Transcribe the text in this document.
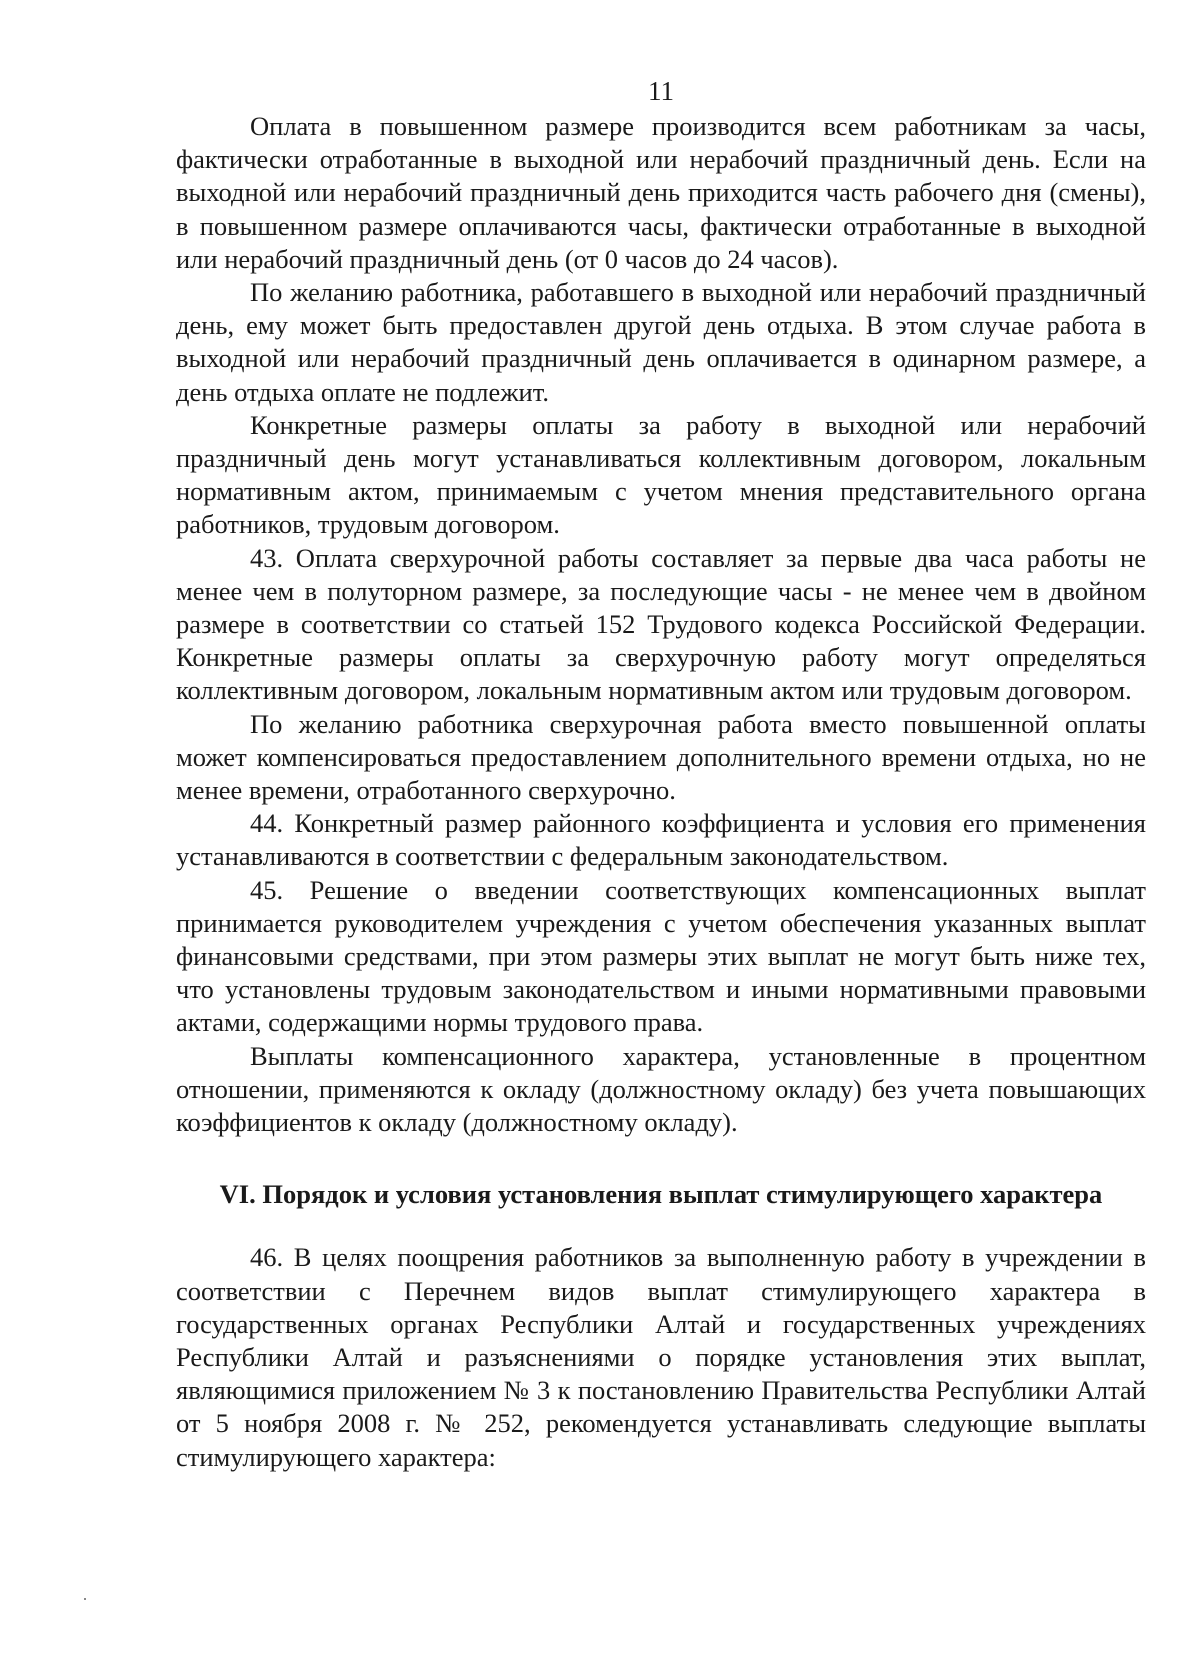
11

Оплата в повышенном размере производится всем работникам за часы, фактически отработанные в выходной или нерабочий праздничный день. Если на выходной или нерабочий праздничный день приходится часть рабочего дня (смены), в повышенном размере оплачиваются часы, фактически отработанные в выходной или нерабочий праздничный день (от 0 часов до 24 часов).

По желанию работника, работавшего в выходной или нерабочий праздничный день, ему может быть предоставлен другой день отдыха. В этом случае работа в выходной или нерабочий праздничный день оплачивается в одинарном размере, а день отдыха оплате не подлежит.

Конкретные размеры оплаты за работу в выходной или нерабочий праздничный день могут устанавливаться коллективным договором, локальным нормативным актом, принимаемым с учетом мнения представительного органа работников, трудовым договором.

43. Оплата сверхурочной работы составляет за первые два часа работы не менее чем в полуторном размере, за последующие часы - не менее чем в двойном размере в соответствии со статьей 152 Трудового кодекса Российской Федерации. Конкретные размеры оплаты за сверхурочную работу могут определяться коллективным договором, локальным нормативным актом или трудовым договором.

По желанию работника сверхурочная работа вместо повышенной оплаты может компенсироваться предоставлением дополнительного времени отдыха, но не менее времени, отработанного сверхурочно.

44. Конкретный размер районного коэффициента и условия его применения устанавливаются в соответствии с федеральным законодательством.

45. Решение о введении соответствующих компенсационных выплат принимается руководителем учреждения с учетом обеспечения указанных выплат финансовыми средствами, при этом размеры этих выплат не могут быть ниже тех, что установлены трудовым законодательством и иными нормативными правовыми актами, содержащими нормы трудового права.

Выплаты компенсационного характера, установленные в процентном отношении, применяются к окладу (должностному окладу) без учета повышающих коэффициентов к окладу (должностному окладу).

VI. Порядок и условия установления выплат стимулирующего характера

46. В целях поощрения работников за выполненную работу в учреждении в соответствии с Перечнем видов выплат стимулирующего характера в государственных органах Республики Алтай и государственных учреждениях Республики Алтай и разъяснениями о порядке установления этих выплат, являющимися приложением № 3 к постановлению Правительства Республики Алтай от 5 ноября 2008 г. № 252, рекомендуется устанавливать следующие выплаты стимулирующего характера:
